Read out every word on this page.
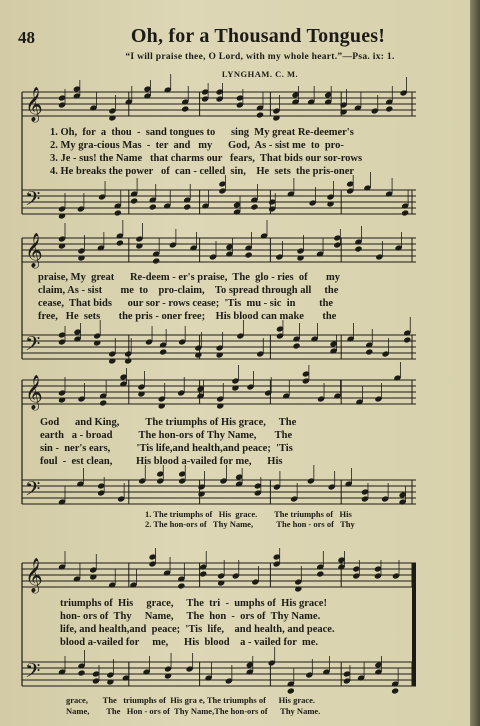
48	Oh, for a Thousand Tongues!
“I will praise thee, O Lord, with my whole heart.”—Psa. ix: 1.
LYNGHAM. C. M.
𝄞
𝄢
𝄞
𝄢
𝄞
𝄢
𝄞
𝄢
1. Oh,  for  a  thou  -  sand tongues to      sing  My great Re-deemer's
2. My gra-cious Mas  -  ter  and   my      God,  As - sist me  to  pro-
3. Je - sus! the Name   that charms our   fears,  That bids our sor-rows
4. He breaks the power   of  can - celled  sin,    He  sets  the pris-oner
praise, My  great      Re-deem - er's praise,  The  glo - ries  of       my
claim, As - sist       me  to    pro-claim,    To spread through all     the
cease,  That bids      our sor - rows cease;  'Tis  mu - sic  in         the
free,   He  sets       the pris - oner free;    His blood can make       the
God      and King,          The triumphs of His grace,     The
earth   a - broad          The hon-ors of Thy Name,       The
sin -  ner's ears,          'Tis life,and health,and peace;  'Tis
foul  -  est clean,         His blood a-vailed for me,      His
1. The triumphs of   His  grace.        The triumphs of   His
2. The hon-ors of   Thy Name,           The hon - ors of   Thy
triumphs of  His     grace,     The  tri  -  umphs of  His grace!
hon- ors of  Thy     Name,     The  hon  -  ors of  Thy Name.
life, and health,and  peace;  'Tis  life,    and health, and peace.
blood a-vailed for     me,      His  blood    a - vailed for  me.
grace,       The   triumphs of  His gra e, The triumphs of      His grace.
Name,        The   Hon - ors of  Thy Name,The hon-ors of      Thy Name.
